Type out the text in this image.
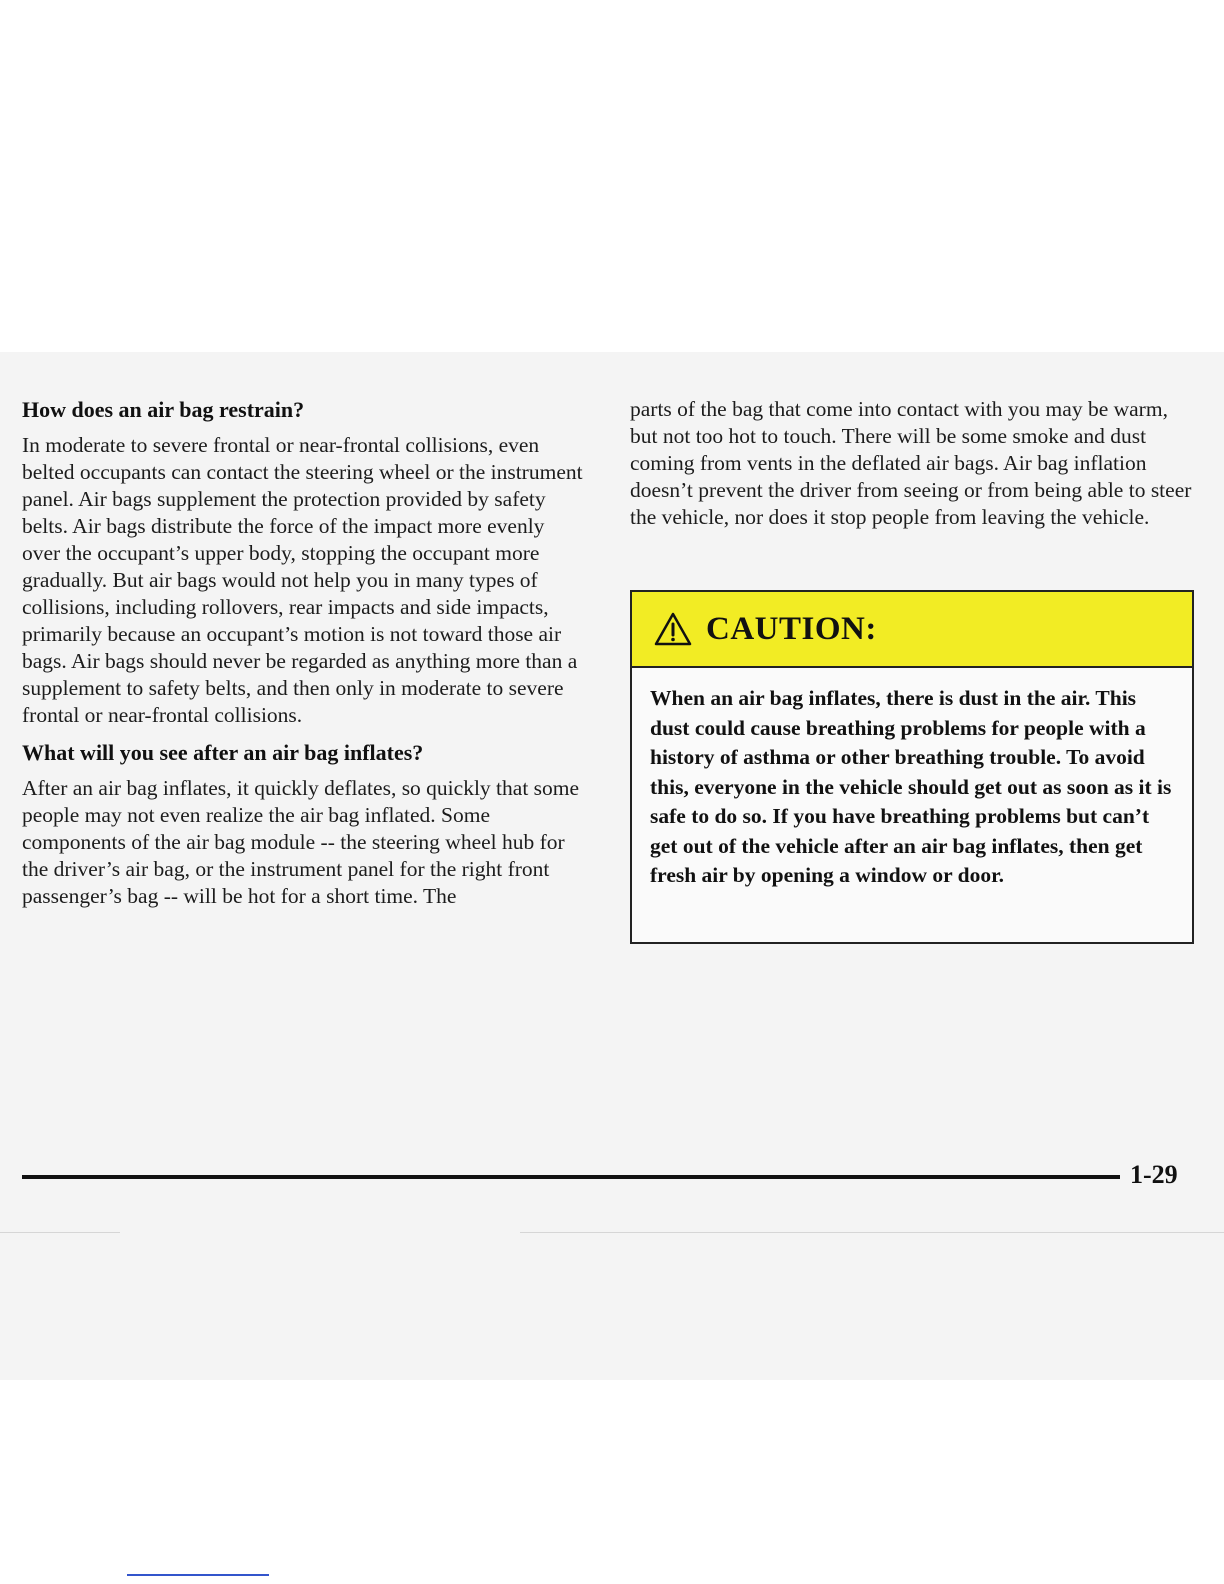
How does an air bag restrain?

In moderate to severe frontal or near-frontal collisions, even belted occupants can contact the steering wheel or the instrument panel. Air bags supplement the protection provided by safety belts. Air bags distribute the force of the impact more evenly over the occupant’s upper body, stopping the occupant more gradually. But air bags would not help you in many types of collisions, including rollovers, rear impacts and side impacts, primarily because an occupant’s motion is not toward those air bags. Air bags should never be regarded as anything more than a supplement to safety belts, and then only in moderate to severe frontal or near-frontal collisions.

What will you see after an air bag inflates?

After an air bag inflates, it quickly deflates, so quickly that some people may not even realize the air bag inflated. Some components of the air bag module -- the steering wheel hub for the driver’s air bag, or the instrument panel for the right front passenger’s bag -- will be hot for a short time. The

parts of the bag that come into contact with you may be warm, but not too hot to touch. There will be some smoke and dust coming from vents in the deflated air bags. Air bag inflation doesn’t prevent the driver from seeing or from being able to steer the vehicle, nor does it stop people from leaving the vehicle.

CAUTION:
When an air bag inflates, there is dust in the air. This dust could cause breathing problems for people with a history of asthma or other breathing trouble. To avoid this, everyone in the vehicle should get out as soon as it is safe to do so. If you have breathing problems but can’t get out of the vehicle after an air bag inflates, then get fresh air by opening a window or door.
1-29
